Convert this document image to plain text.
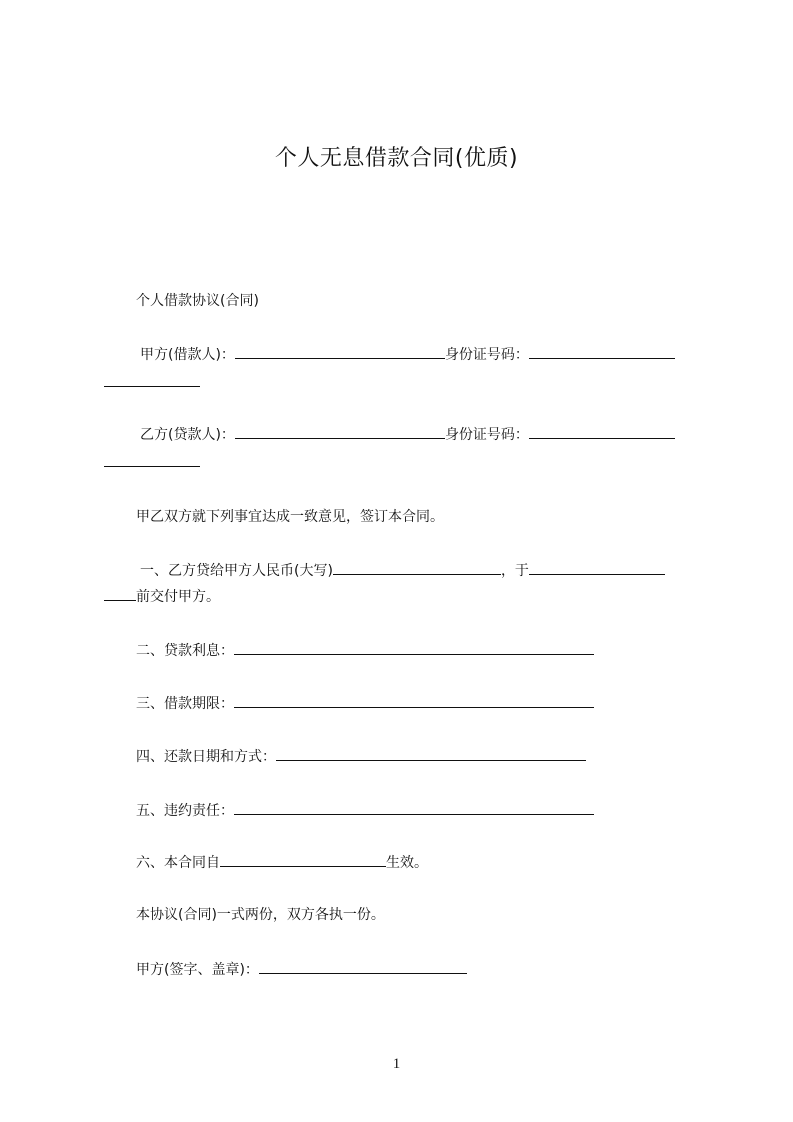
个人无息借款合同(优质)
个人借款协议(合同)
甲方(借款人)：	身份证号码：
乙方(贷款人)：	身份证号码：
甲乙双方就下列事宜达成一致意见，签订本合同。
一、乙方贷给甲方人民币(大写)	，于
前交付甲方。
二、贷款利息：
三、借款期限：
四、还款日期和方式：
五、违约责任：
六、本合同自	生效。
本协议(合同)一式两份，双方各执一份。
甲方(签字、盖章)：
1
